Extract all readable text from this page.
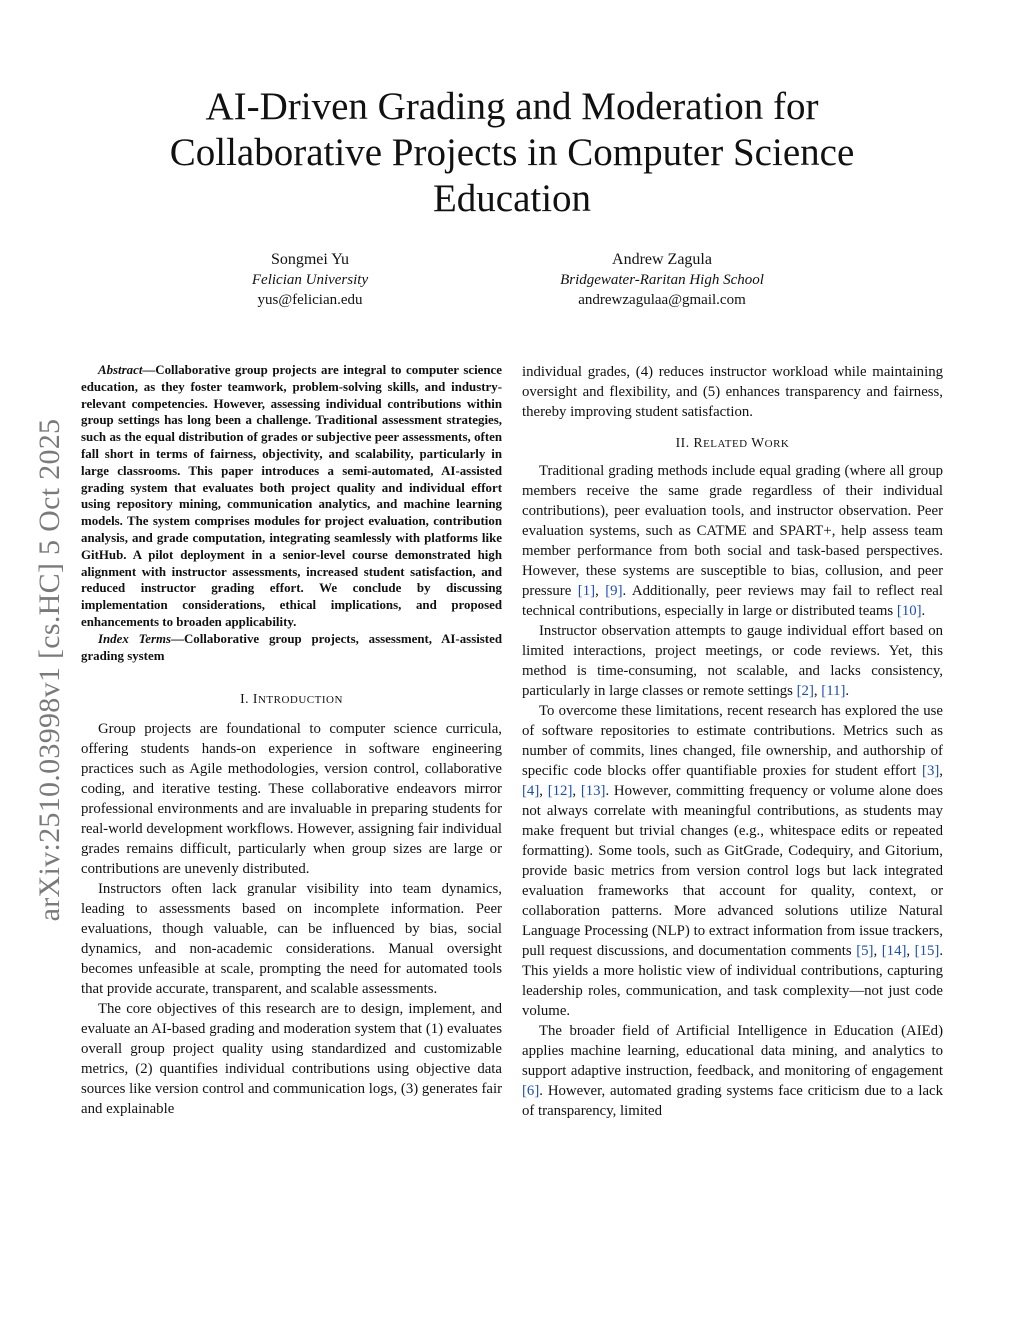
arXiv:2510.03998v1 [cs.HC] 5 Oct 2025
AI-Driven Grading and Moderation for Collaborative Projects in Computer Science Education
Songmei Yu
Felician University
yus@felician.edu
Andrew Zagula
Bridgewater-Raritan High School
andrewzagulaa@gmail.com

Abstract—Collaborative group projects are integral to computer science education, as they foster teamwork, problem-solving skills, and industry-relevant competencies. However, assessing individual contributions within group settings has long been a challenge. Traditional assessment strategies, such as the equal distribution of grades or subjective peer assessments, often fall short in terms of fairness, objectivity, and scalability, particularly in large classrooms. This paper introduces a semi-automated, AI-assisted grading system that evaluates both project quality and individual effort using repository mining, communication analytics, and machine learning models. The system comprises modules for project evaluation, contribution analysis, and grade computation, integrating seamlessly with platforms like GitHub. A pilot deployment in a senior-level course demonstrated high alignment with instructor assessments, increased student satisfaction, and reduced instructor grading effort. We conclude by discussing implementation considerations, ethical implications, and proposed enhancements to broaden applicability.

Index Terms—Collaborative group projects, assessment, AI-assisted grading system

I. INTRODUCTION

Group projects are foundational to computer science curricula, offering students hands-on experience in software engineering practices such as Agile methodologies, version control, collaborative coding, and iterative testing. These collaborative endeavors mirror professional environments and are invaluable in preparing students for real-world development workflows. However, assigning fair individual grades remains difficult, particularly when group sizes are large or contributions are unevenly distributed.

Instructors often lack granular visibility into team dynamics, leading to assessments based on incomplete information. Peer evaluations, though valuable, can be influenced by bias, social dynamics, and non-academic considerations. Manual oversight becomes unfeasible at scale, prompting the need for automated tools that provide accurate, transparent, and scalable assessments.

The core objectives of this research are to design, implement, and evaluate an AI-based grading and moderation system that (1) evaluates overall group project quality using standardized and customizable metrics, (2) quantifies individual contributions using objective data sources like version control and communication logs, (3) generates fair and explainable

individual grades, (4) reduces instructor workload while maintaining oversight and flexibility, and (5) enhances transparency and fairness, thereby improving student satisfaction.

II. RELATED WORK

Traditional grading methods include equal grading (where all group members receive the same grade regardless of their individual contributions), peer evaluation tools, and instructor observation. Peer evaluation systems, such as CATME and SPART+, help assess team member performance from both social and task-based perspectives. However, these systems are susceptible to bias, collusion, and peer pressure [1], [9]. Additionally, peer reviews may fail to reflect real technical contributions, especially in large or distributed teams [10].

Instructor observation attempts to gauge individual effort based on limited interactions, project meetings, or code reviews. Yet, this method is time-consuming, not scalable, and lacks consistency, particularly in large classes or remote settings [2], [11].

To overcome these limitations, recent research has explored the use of software repositories to estimate contributions. Metrics such as number of commits, lines changed, file ownership, and authorship of specific code blocks offer quantifiable proxies for student effort [3], [4], [12], [13]. However, committing frequency or volume alone does not always correlate with meaningful contributions, as students may make frequent but trivial changes (e.g., whitespace edits or repeated formatting). Some tools, such as GitGrade, Codequiry, and Gitorium, provide basic metrics from version control logs but lack integrated evaluation frameworks that account for quality, context, or collaboration patterns. More advanced solutions utilize Natural Language Processing (NLP) to extract information from issue trackers, pull request discussions, and documentation comments [5], [14], [15]. This yields a more holistic view of individual contributions, capturing leadership roles, communication, and task complexity—not just code volume.

The broader field of Artificial Intelligence in Education (AIEd) applies machine learning, educational data mining, and analytics to support adaptive instruction, feedback, and monitoring of engagement [6]. However, automated grading systems face criticism due to a lack of transparency, limited
